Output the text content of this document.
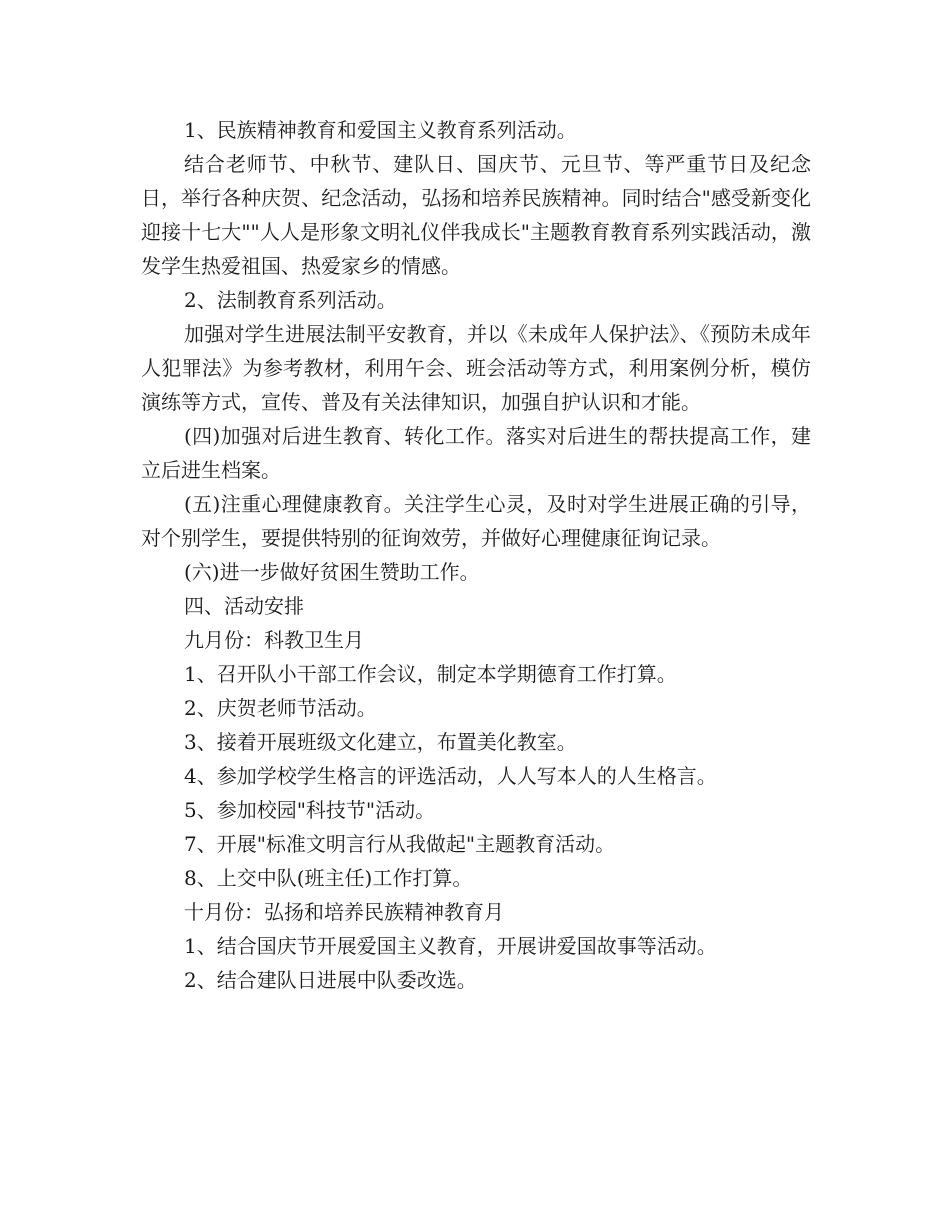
1、民族精神教育和爱国主义教育系列活动。

结合老师节、中秋节、建队日、国庆节、元旦节、等严重节日及纪念日，举行各种庆贺、纪念活动，弘扬和培养民族精神。同时结合"感受新变化迎接十七大""人人是形象文明礼仪伴我成长"主题教育教育系列实践活动，激发学生热爱祖国、热爱家乡的情感。

2、法制教育系列活动。

加强对学生进展法制平安教育，并以《未成年人保护法》、《预防未成年人犯罪法》为参考教材，利用午会、班会活动等方式，利用案例分析，模仿演练等方式，宣传、普及有关法律知识，加强自护认识和才能。

(四)加强对后进生教育、转化工作。落实对后进生的帮扶提高工作，建立后进生档案。

(五)注重心理健康教育。关注学生心灵，及时对学生进展正确的引导，对个别学生，要提供特别的征询效劳，并做好心理健康征询记录。

(六)进一步做好贫困生赞助工作。

四、活动安排

九月份：科教卫生月

1、召开队小干部工作会议，制定本学期德育工作打算。

2、庆贺老师节活动。

3、接着开展班级文化建立，布置美化教室。

4、参加学校学生格言的评选活动，人人写本人的人生格言。

5、参加校园"科技节"活动。

7、开展"标准文明言行从我做起"主题教育活动。

8、上交中队(班主任)工作打算。

十月份：弘扬和培养民族精神教育月

1、结合国庆节开展爱国主义教育，开展讲爱国故事等活动。

2、结合建队日进展中队委改选。
